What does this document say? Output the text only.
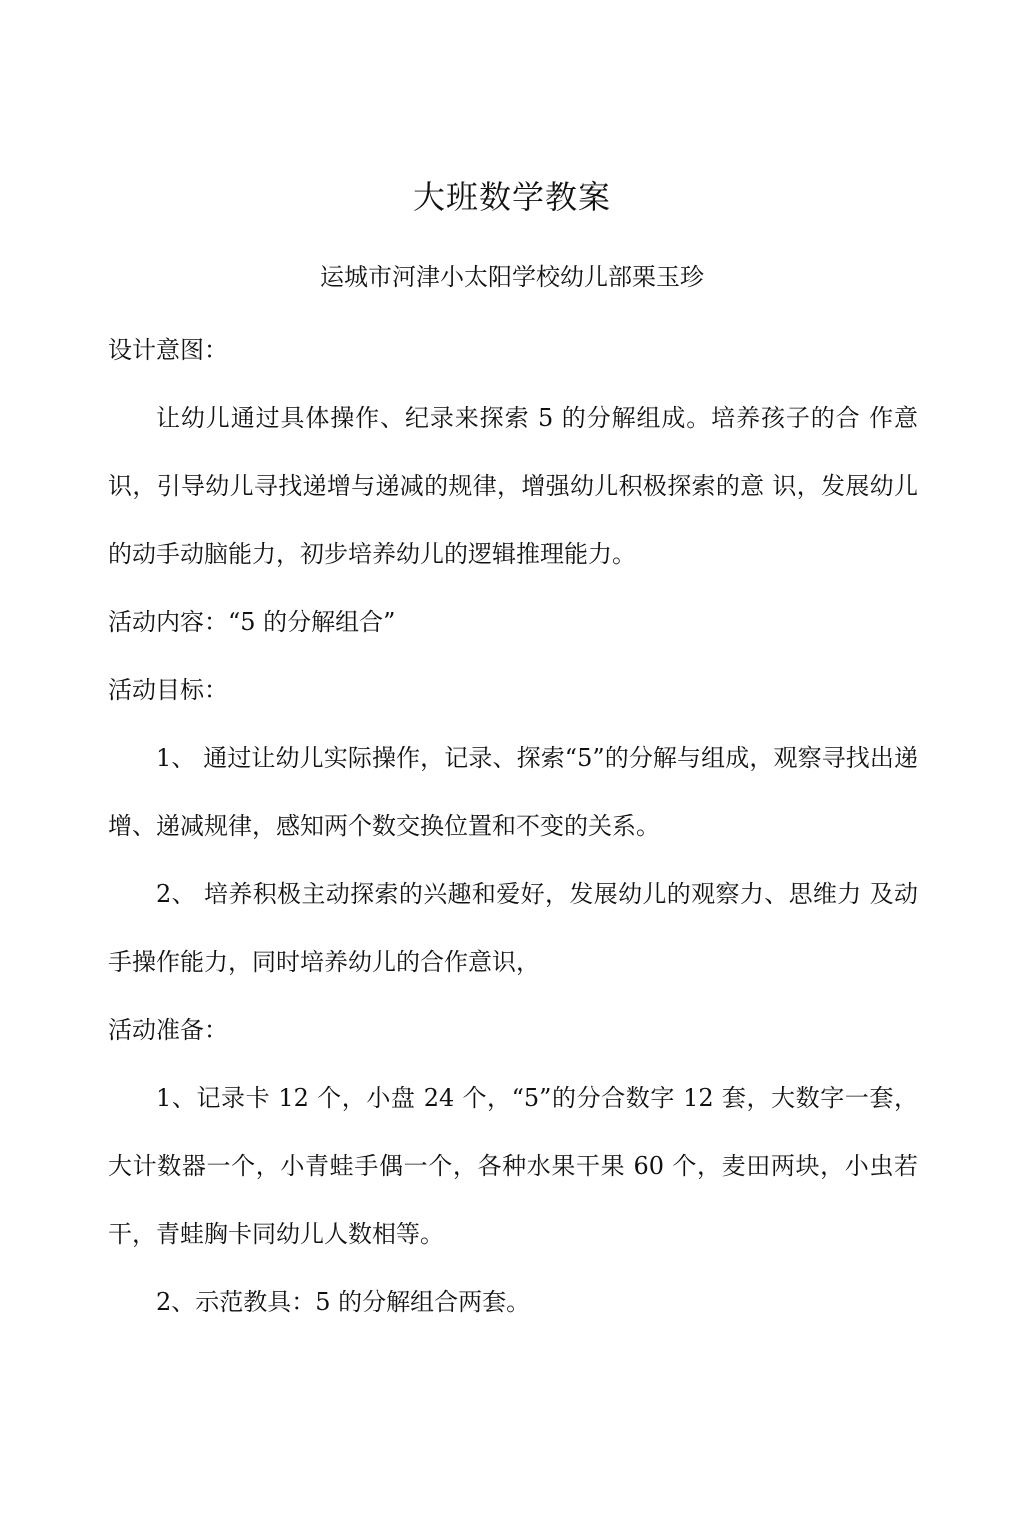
大班数学教案
运城市河津小太阳学校幼儿部栗玉珍

设计意图：

让幼儿通过具体操作、纪录来探索 5 的分解组成。培养孩子的合 作意识，引导幼儿寻找递增与递减的规律，增强幼儿积极探索的意 识，发展幼儿的动手动脑能力，初步培养幼儿的逻辑推理能力。

活动内容：“5 的分解组合”

活动目标：

1、 通过让幼儿实际操作，记录、探索“5”的分解与组成，观察寻找出递增、递减规律，感知两个数交换位置和不变的关系。

2、 培养积极主动探索的兴趣和爱好，发展幼儿的观察力、思维力 及动手操作能力，同时培养幼儿的合作意识，

活动准备：

1、记录卡 12 个，小盘 24 个，“5”的分合数字 12 套，大数字一套，大计数器一个，小青蛙手偶一个，各种水果干果 60 个，麦田两块，小虫若干，青蛙胸卡同幼儿人数相等。

2、示范教具：5 的分解组合两套。
